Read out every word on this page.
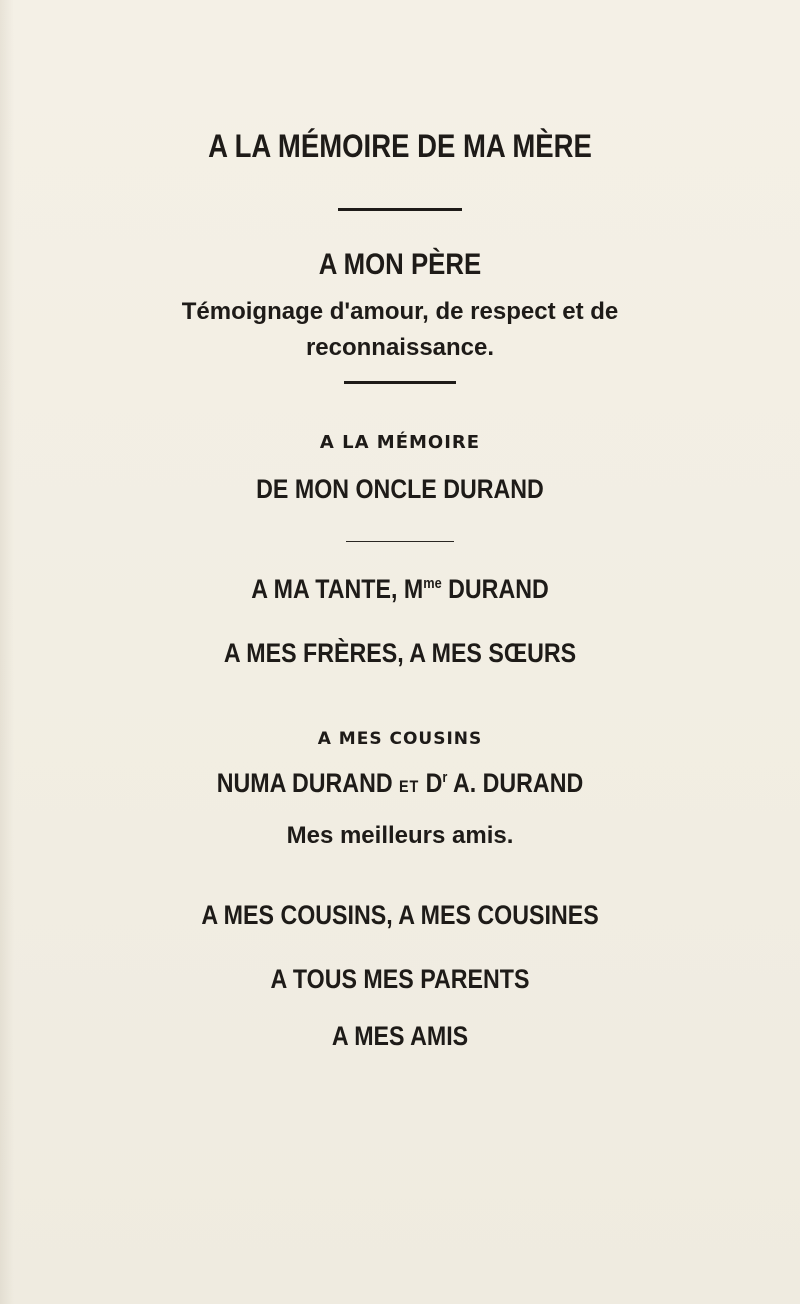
A LA MÉMOIRE DE MA MÈRE
A MON PÈRE
Témoignage d'amour, de respect et de
reconnaissance.
A LA MÉMOIRE
DE MON ONCLE DURAND
A MA TANTE, $M^{me}$ DURAND
A MES FRÈRES, A MES SŒURS
A MES COUSINS
NUMA DURAND ET $D^r$ A. DURAND
Mes meilleurs amis.
A MES COUSINS, A MES COUSINES
A TOUS MES PARENTS
A MES AMIS
